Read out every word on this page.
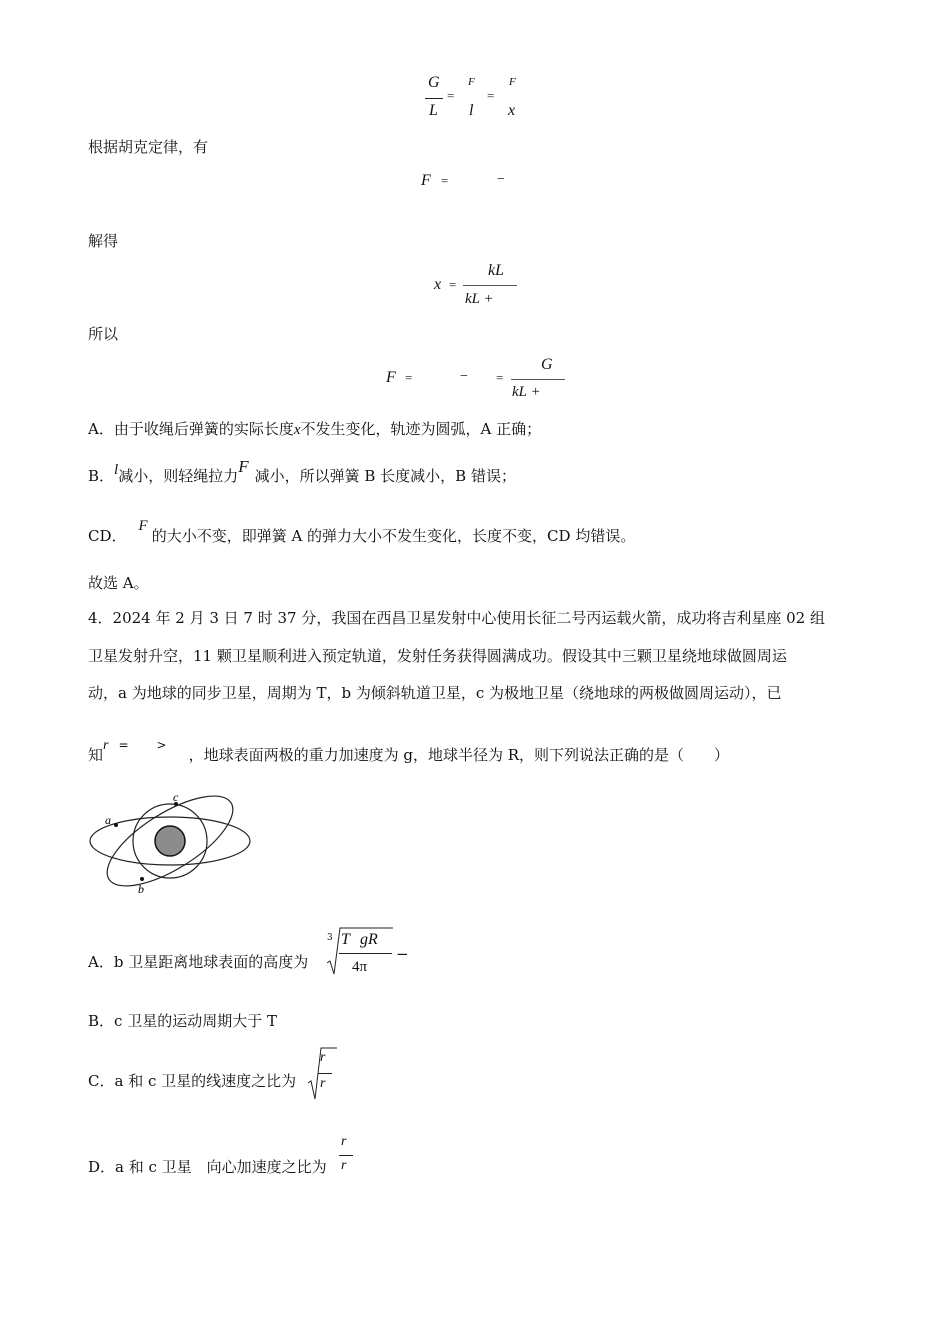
G
L
=
F
l
=
F
x
根据胡克定律，有
F =	−
解得
x =
kL
kL +
所以
F =	− =
G
kL +
A．由于收绳后弹簧的实际长度x不发生变化，轨迹为圆弧，A 正确；
B．l减小，则轻绳拉力F 减小，所以弹簧 B 长度减小，B 错误；
CD．F的大小不变，即弹簧 A 的弹力大小不发生变化，长度不变，CD 均错误。
故选 A。
4．2024 年 2 月 3 日 7 时 37 分，我国在西昌卫星发射中心使用长征二号丙运载火箭，成功将吉利星座 02 组
卫星发射升空，11 颗卫星顺利进入预定轨道，发射任务获得圆满成功。假设其中三颗卫星绕地球做圆周运
动，a 为地球的同步卫星，周期为 T，b 为倾斜轨道卫星，c 为极地卫星（绕地球的两极做圆周运动），已
知r = >，地球表面两极的重力加速度为 g，地球半径为 R，则下列说法正确的是（　　）
a
b
c
A．b 卫星距离地球表面的高度为
3 T gR
4π
−
B．c 卫星的运动周期大于 T
C．a 和 c 卫星的线速度之比为
r
r
D．a 和 c 卫星　向心加速度之比为
r
r
